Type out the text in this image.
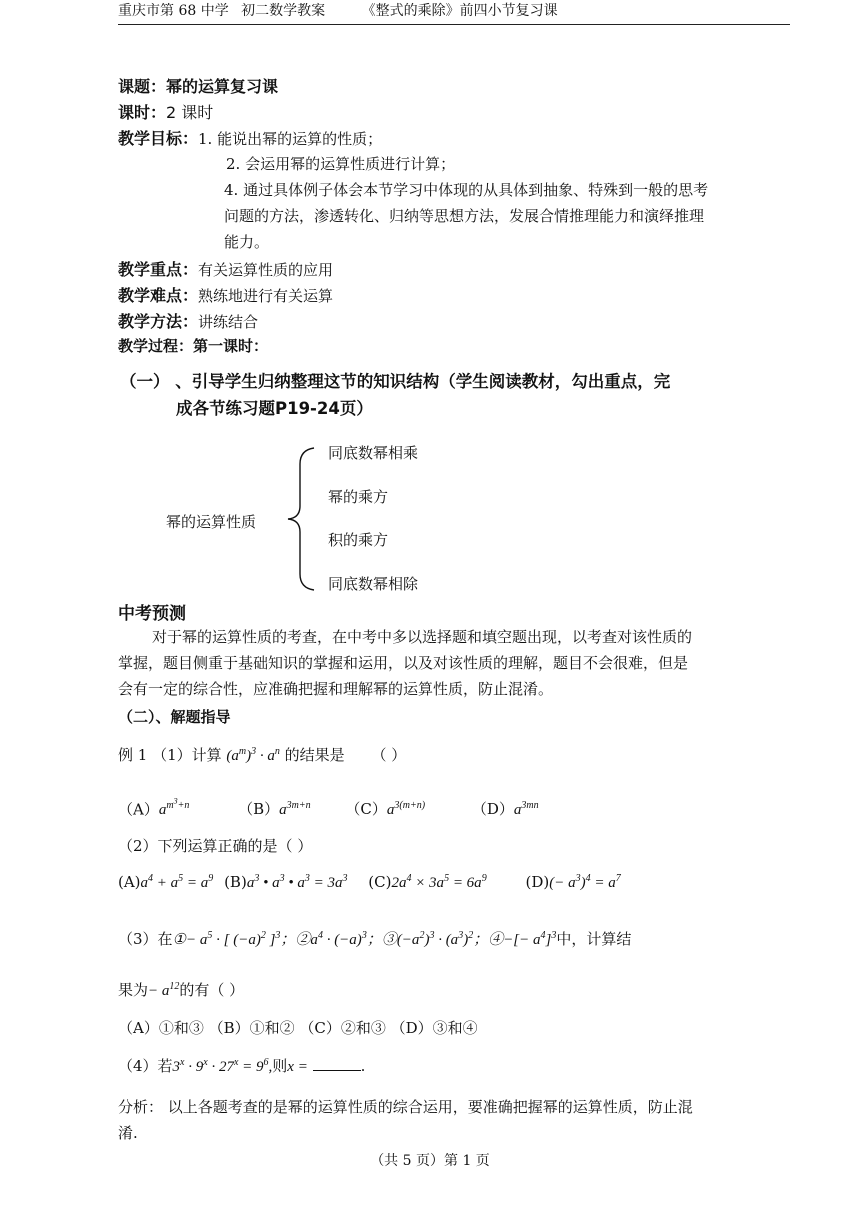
重庆市第 68 中学 初二数学教案	《整式的乘除》前四小节复习课
课题：幂的运算复习课
课时：2 课时
教学目标：1. 能说出幂的运算的性质；
2. 会运用幂的运算性质进行计算；
4. 通过具体例子体会本节学习中体现的从具体到抽象、特殊到一般的思考
问题的方法，渗透转化、归纳等思想方法，发展合情推理能力和演绎推理
能力。
教学重点：有关运算性质的应用
教学难点：熟练地进行有关运算
教学方法：讲练结合
教学过程：第一课时：
（一） 、引导学生归纳整理这节的知识结构（学生阅读教材，勾出重点，完
成各节练习题P19-24页）
幂的运算性质
同底数幂相乘
幂的乘方
积的乘方
同底数幂相除
中考预测
对于幂的运算性质的考查，在中考中多以选择题和填空题出现，以考查对该性质的
掌握，题目侧重于基础知识的掌握和运用，以及对该性质的理解，题目不会很难，但是
会有一定的综合性，应准确把握和理解幂的运算性质，防止混淆。
（二）、解题指导
例 1 （1）计算 $(a^m)^3 \cdot a^n$ 的结果是 （ ）
$(A)a^{m^3+n}$	$(B)a^{3m+n}$ $(C)a^{3(m+n)}$	$(D)a^{3mn}$
（2）下列运算正确的是（ ）
$(A)a^4 + a^5 = a^9$ $(B)a^3$ • $a^3$ • $a^3 = 3a^3$ $(C)2a^4 \times 3a^5 = 6a^9$	$(D)(- a^3)^4 = a^7$
（3）在①− $a^5$ · [ $(-a)^2$ ]$^3$；$②a^4 \cdot (-a)^3$；$③(-a^2)^3 \cdot (a^3)^2$；④−[− $a^4]^3$中，计算结
果为− $a^{12}$的有（ ）
（A）①和③ （B）①和② （C）②和③ （D）③和④
（4）若$3^x \cdot 9^x \cdot 27^x = 9^6$,则x =	.
分析： 以上各题考查的是幂的运算性质的综合运用，要准确把握幂的运算性质，防止混
淆.
（共 5 页）第 1 页
